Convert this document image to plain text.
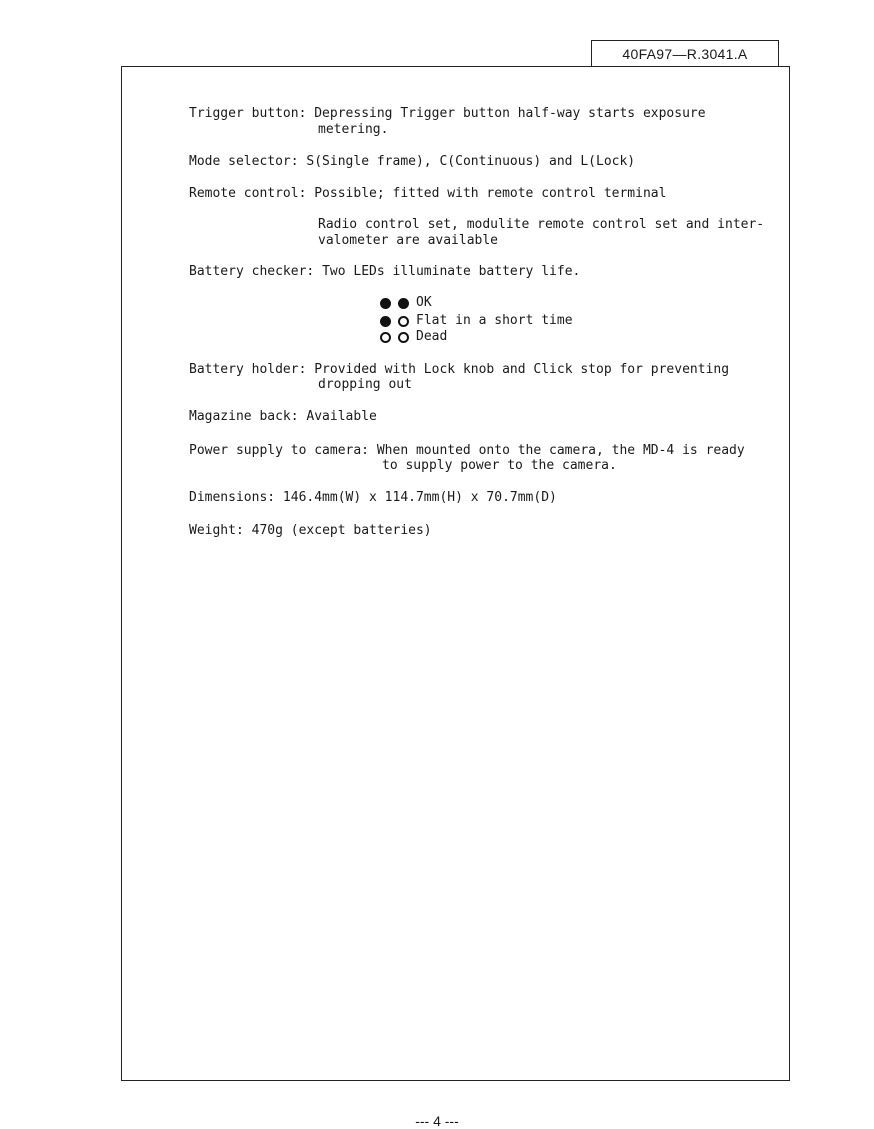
40FA97—R.3041.A
Trigger button: Depressing Trigger button half-way starts exposure
metering.
Mode selector: S(Single frame), C(Continuous) and L(Lock)
Remote control: Possible; fitted with remote control terminal
Radio control set, modulite remote control set and inter-
valometer are available
Battery checker: Two LEDs illuminate battery life.
OK
Flat in a short time
Dead
Battery holder: Provided with Lock knob and Click stop for preventing
dropping out
Magazine back: Available
Power supply to camera: When mounted onto the camera, the MD-4 is ready
to supply power to the camera.
Dimensions: 146.4mm(W) x 114.7mm(H) x 70.7mm(D)
Weight: 470g (except batteries)
--- 4 ---
